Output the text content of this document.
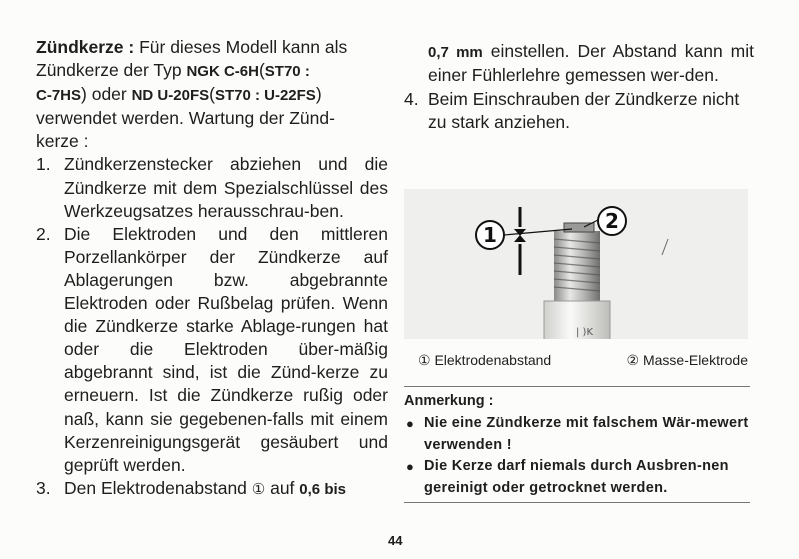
Zündkerze : Für dieses Modell kann als

Zündkerze der Typ NGK C-6H(ST70 :

C-7HS) oder ND U-20FS(ST70 : U-22FS)

verwendet werden. Wartung der Zünd-

kerze :

1. Zündkerzenstecker abziehen und die Zündkerze mit dem Spezialschlüssel des Werkzeugsatzes herausschrau-ben.
2. Die Elektroden und den mittleren Porzellankörper der Zündkerze auf Ablagerungen bzw. abgebrannte Elektroden oder Rußbelag prüfen. Wenn die Zündkerze starke Ablage-rungen hat oder die Elektroden über-mäßig abgebrannt sind, ist die Zünd-kerze zu erneuern. Ist die Zündkerze rußig oder naß, kann sie gegebenen-falls mit einem Kerzenreinigungsgerät gesäubert und geprüft werden.
3. Den Elektrodenabstand ① auf 0,6 bis
0,7 mm einstellen. Der Abstand kann mit einer Fühlerlehre gemessen wer-den.
4. Beim Einschrauben der Zündkerze nicht zu stark anziehen.
| )K
1
2
① Elektrodenabstand	② Masse-Elektrode
Anmerkung :
● Nie eine Zündkerze mit falschem Wär-mewert verwenden !
● Die Kerze darf niemals durch Ausbren-nen gereinigt oder getrocknet werden.
44
